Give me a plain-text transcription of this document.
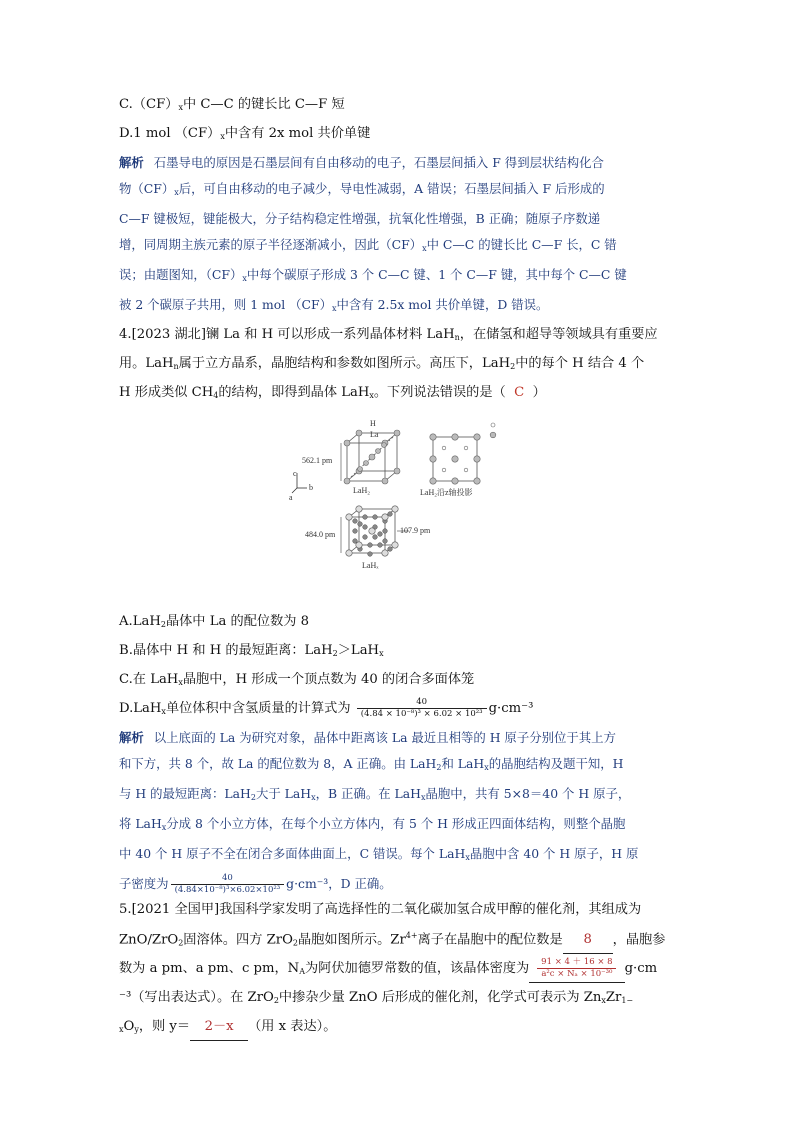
$C.(CF)_x$中 C—C 的键长比 C—F 短
D.1 mol $(CF)_x$中含有 2x mol 共价单键
解析 石墨导电的原因是石墨层间有自由移动的电子，石墨层间插入 F 得到层状结构化合
物$(CF)_x$后，可自由移动的电子减少，导电性减弱，A 错误；石墨层间插入 F 后形成的
C—F 键极短，键能极大，分子结构稳定性增强，抗氧化性增强，B 正确；随原子序数递
增，同周期主族元素的原子半径逐渐减小，因此$(CF)_x$中 C—C 的键长比 C—F 长，C 错
误；由题图知，$(CF)_x$中每个碳原子形成 3 个 C—C 键、1 个 C—F 键，其中每个 C—C 键
被 2 个碳原子共用，则 1 mol $(CF)_x$中含有 2.5x mol 共价单键，D 错误。
4.[2023 湖北]镧 La 和 H 可以形成一系列晶体材料 LaH$_n$，在储氢和超导等领域具有重要应
用。LaH$_n$属于立方晶系，晶胞结构和参数如图所示。高压下，LaH$_2$中的每个 H 结合 4 个
H 形成类似 $CH_4$的结构，即得到晶体 LaH$_x$。下列说法错误的是（ C ）
H
La
562.1 pm
LaH₂	LaH₂沿z轴投影
484.0 pm	107.9 pm
LaHₓ
c
b
a
A.LaH$_2$晶体中 La 的配位数为 8
B.晶体中 H 和 H 的最短距离：LaH$_2$＞LaH$_x$
C.在 LaH$_x$晶胞中，H 形成一个顶点数为 40 的闭合多面体笼
D.LaH$_x$单位体积中含氢质量的计算式为 $\frac{40}{\text{(4.84 × 10⁻⁸)³ × 6.02 × 10²³}} g\cdot cm^{-3}$
解析 以上底面的 La 为研究对象，晶体中距离该 La 最近且相等的 H 原子分别位于其上方
和下方，共 8 个，故 La 的配位数为 8，A 正确。由 LaH$_2$和 LaH$_x$的晶胞结构及题干知，H
与 H 的最短距离：LaH$_2$大于 LaH$_x$，B 正确。在 LaH$_x$晶胞中，共有 5×8＝40 个 H 原子，
将 LaH$_x$分成 8 个小立方体，在每个小立方体内，有 5 个 H 形成正四面体结构，则整个晶胞
中 40 个 H 原子不全在闭合多面体曲面上，C 错误。每个 LaH$_x$晶胞中含 40 个 H 原子，H 原
子密度为 $\frac{40}{\text{(4.84×10⁻⁸)³×6.02×10²³}} g\cdot cm^{-3}$，D 正确。
5.[2021 全国甲]我国科学家发明了高选择性的二氧化碳加氢合成甲醇的催化剂，其组成为
ZnO/ZrO$_2$固溶体。四方 ZrO$_2$晶胞如图所示。$Zr^{4+}$离子在晶胞中的配位数是 8 ，晶胞参
数为 a pm、a pm、c pm，$N_A$为阿伏加德罗常数的值，该晶体密度为 $\frac{91 \times 4 + 16 \times 8}{\text{a²c × Nₐ × 10⁻³⁰}} g\cdot cm$
⁻³（写出表达式）。在 ZrO$_2$中掺杂少量 ZnO 后形成的催化剂，化学式可表示为 $Zn_xZr_{1-}$
$_xO_y$，则 y＝ 2－x （用 x 表达）。
